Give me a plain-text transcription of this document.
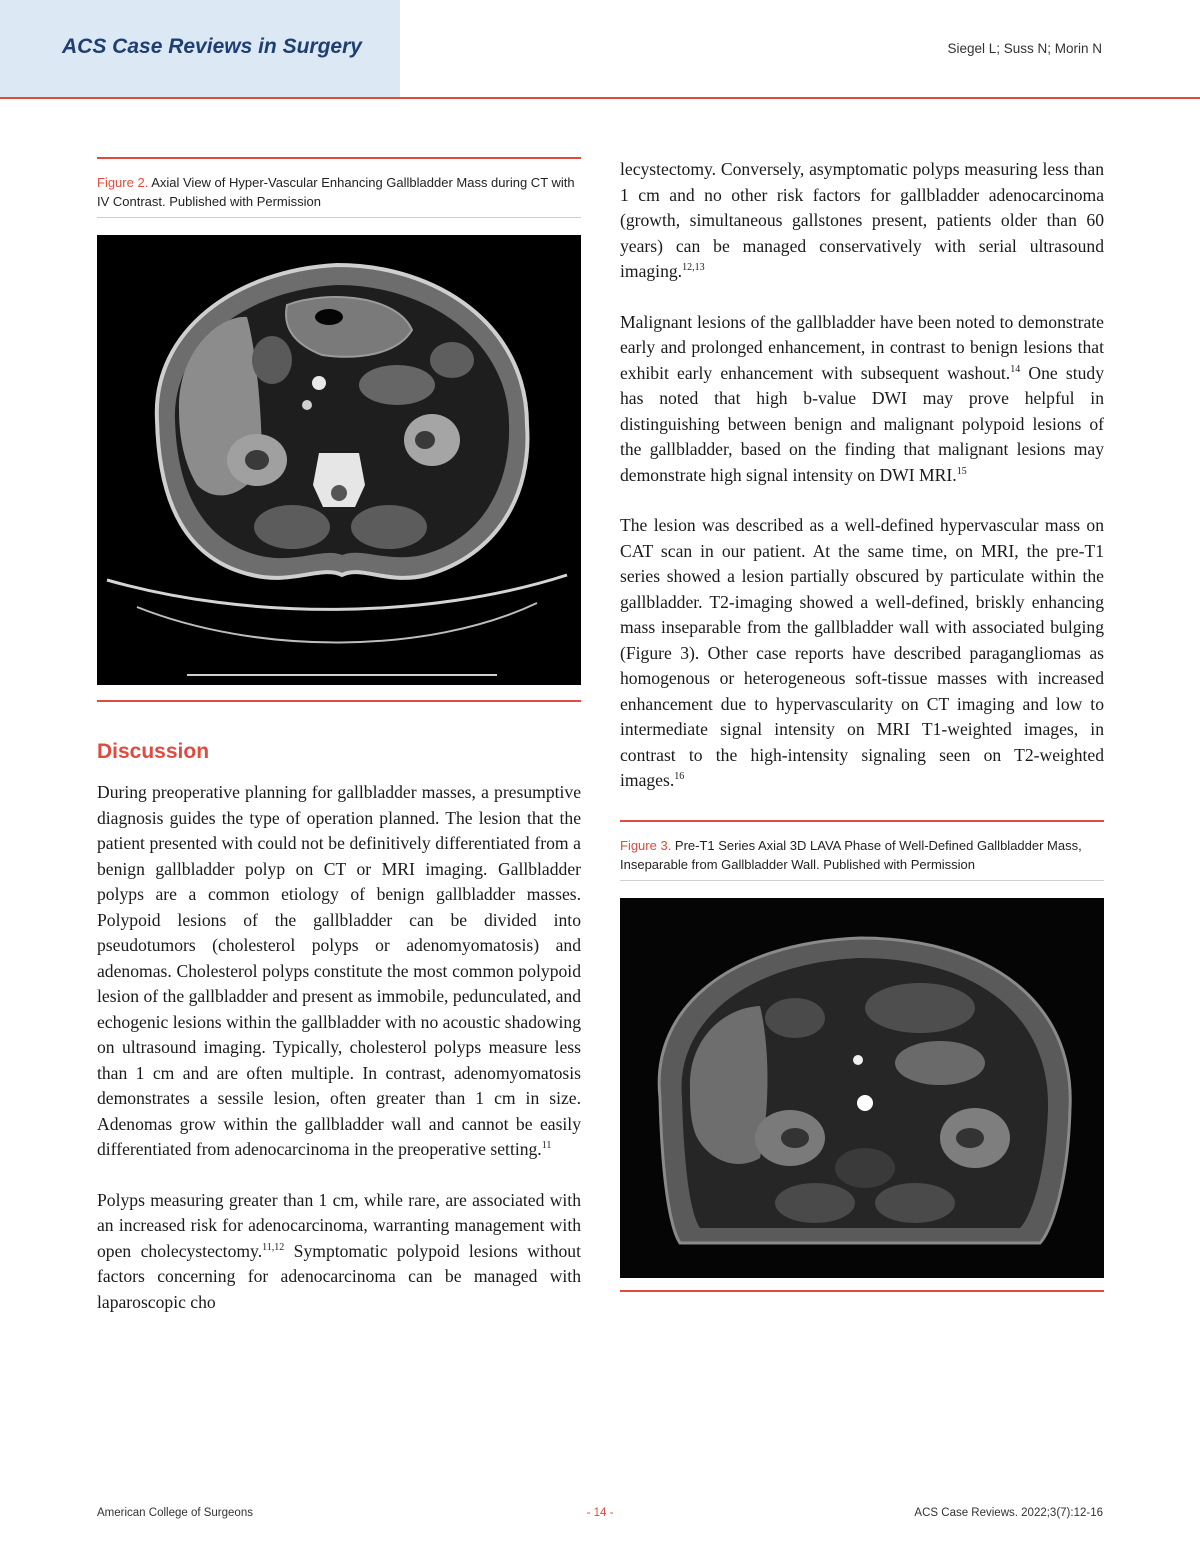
ACS Case Reviews in Surgery	Siegel L; Suss N; Morin N
Figure 2. Axial View of Hyper-Vascular Enhancing Gallbladder Mass during CT with IV Contrast. Published with Permission
Discussion

During preoperative planning for gallbladder masses, a presumptive diagnosis guides the type of operation planned. The lesion that the patient presented with could not be definitively differentiated from a benign gallbladder polyp on CT or MRI imaging. Gallbladder polyps are a common etiology of benign gallbladder masses. Polypoid lesions of the gallbladder can be divided into pseudotumors (cholesterol polyps or adenomyomatosis) and adenomas. Cholesterol polyps constitute the most common polypoid lesion of the gallbladder and present as immobile, pedunculated, and echogenic lesions within the gallbladder with no acoustic shadowing on ultrasound imaging. Typically, cholesterol polyps measure less than 1 cm and are often multiple. In contrast, adenomyomatosis demonstrates a sessile lesion, often greater than 1 cm in size. Adenomas grow within the gallbladder wall and cannot be easily differentiated from adenocarcinoma in the preoperative setting.$^{11}$

Polyps measuring greater than 1 cm, while rare, are associated with an increased risk for adenocarcinoma, warranting management with open cholecystectomy.$^{11,12}$ Symptomatic polypoid lesions without factors concerning for adenocarcinoma can be managed with laparoscopic cho

lecystectomy. Conversely, asymptomatic polyps measuring less than 1 cm and no other risk factors for gallbladder adenocarcinoma (growth, simultaneous gallstones present, patients older than 60 years) can be managed conservatively with serial ultrasound imaging.$^{12,13}$

Malignant lesions of the gallbladder have been noted to demonstrate early and prolonged enhancement, in contrast to benign lesions that exhibit early enhancement with subsequent washout.$^{14}$ One study has noted that high b-value DWI may prove helpful in distinguishing between benign and malignant polypoid lesions of the gallbladder, based on the finding that malignant lesions may demonstrate high signal intensity on DWI MRI.$^{15}$

The lesion was described as a well-defined hypervascular mass on CAT scan in our patient. At the same time, on MRI, the pre-T1 series showed a lesion partially obscured by particulate within the gallbladder. T2-imaging showed a well-defined, briskly enhancing mass inseparable from the gallbladder wall with associated bulging (Figure 3). Other case reports have described paragangliomas as homogenous or heterogeneous soft-tissue masses with increased enhancement due to hypervascularity on CT imaging and low to intermediate signal intensity on MRI T1-weighted images, in contrast to the high-intensity signaling seen on T2-weighted images.$^{16}$

Figure 3. Pre-T1 Series Axial 3D LAVA Phase of Well-Defined Gallbladder Mass, Inseparable from Gallbladder Wall. Published with Permission
American College of Surgeons	- 14 -	ACS Case Reviews. 2022;3(7):12-16
